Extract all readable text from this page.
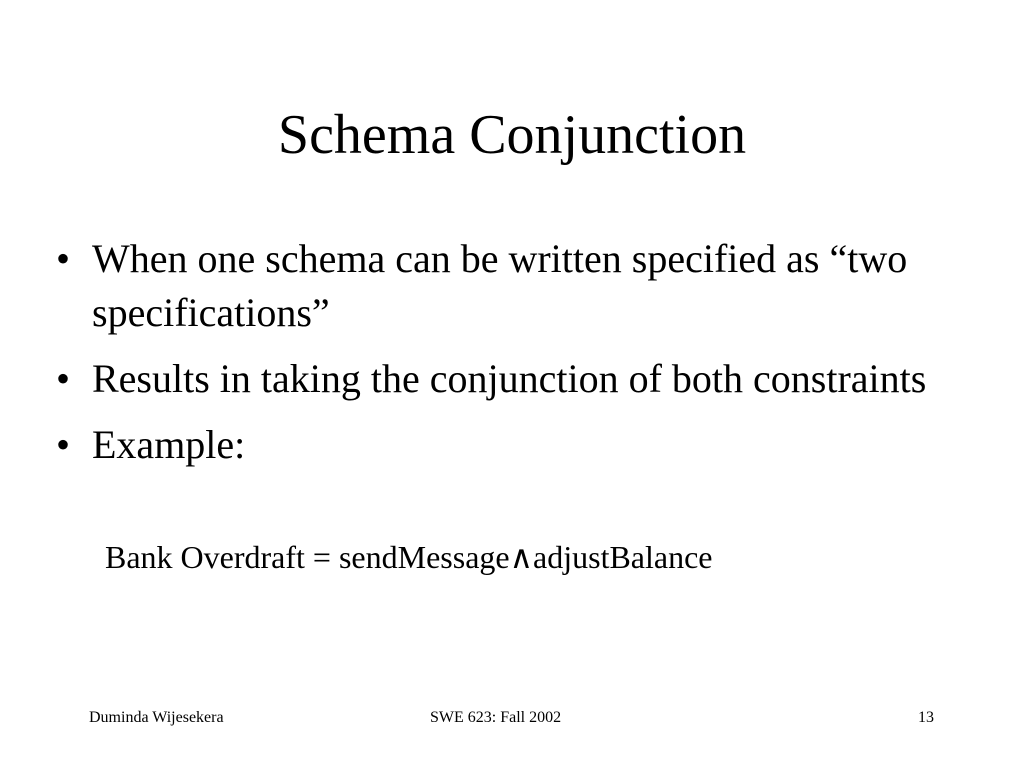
Schema Conjunction
• When one schema can be written specified as “two specifications”
• Results in taking the conjunction of both constraints
• Example:
Bank Overdraft = sendMessage∧adjustBalance
Duminda Wijesekera	SWE 623: Fall 2002	13
